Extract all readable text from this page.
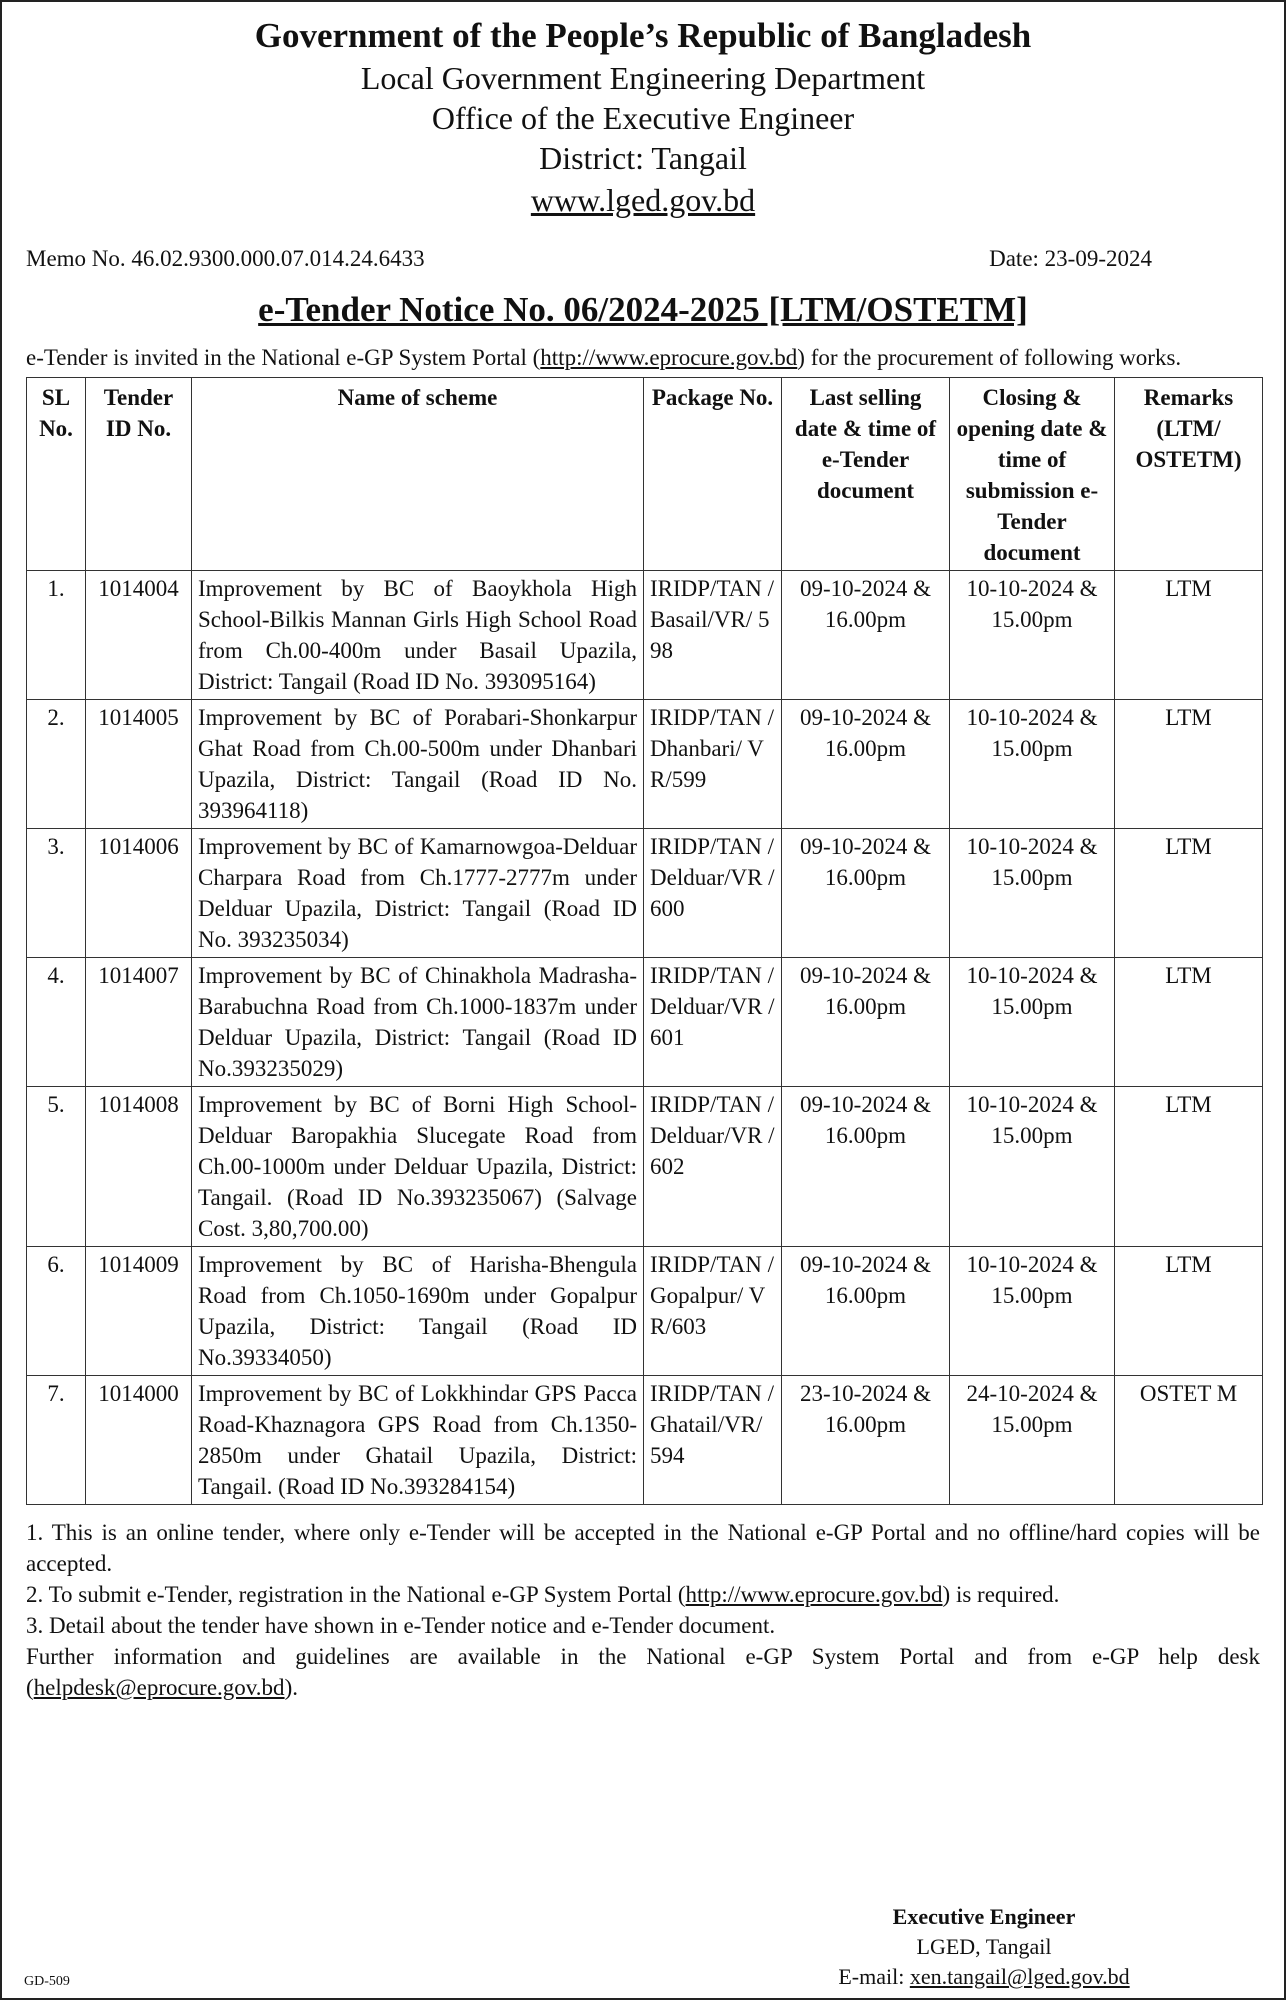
Government of the People’s Republic of Bangladesh
Local Government Engineering Department
Office of the Executive Engineer
District: Tangail
www.lged.gov.bd
Memo No. 46.02.9300.000.07.014.24.6433	Date: 23-09-2024
e-Tender Notice No. 06/2024-2025 [LTM/OSTETM]
e-Tender is invited in the National e-GP System Portal (http://www.eprocure.gov.bd) for the procurement of following works.
SL No.	Tender ID No.	Name of scheme	Package No.	Last selling date & time of e-Tender document	Closing & opening date & time of submission e-Tender document	Remarks (LTM/ OSTETM)
1.	1014004	Improvement by BC of Baoykhola High School-Bilkis Mannan Girls High School Road from Ch.00-400m under Basail Upazila, District: Tangail (Road ID No. 393095164)	IRIDP/TAN /Basail/VR/ 598	09-10-2024 & 16.00pm	10-10-2024 & 15.00pm	LTM
2.	1014005	Improvement by BC of Porabari-Shonkarpur Ghat Road from Ch.00-500m under Dhanbari Upazila, District: Tangail (Road ID No. 393964118)	IRIDP/TAN /Dhanbari/ VR/599	09-10-2024 & 16.00pm	10-10-2024 & 15.00pm	LTM
3.	1014006	Improvement by BC of Kamarnowgoa-Delduar Charpara Road from Ch.1777-2777m under Delduar Upazila, District: Tangail (Road ID No. 393235034)	IRIDP/TAN /Delduar/VR /600	09-10-2024 & 16.00pm	10-10-2024 & 15.00pm	LTM
4.	1014007	Improvement by BC of Chinakhola Madrasha-Barabuchna Road from Ch.1000-1837m under Delduar Upazila, District: Tangail (Road ID No.393235029)	IRIDP/TAN /Delduar/VR /601	09-10-2024 & 16.00pm	10-10-2024 & 15.00pm	LTM
5.	1014008	Improvement by BC of Borni High School-Delduar Baropakhia Slucegate Road from Ch.00-1000m under Delduar Upazila, District: Tangail. (Road ID No.393235067) (Salvage Cost. 3,80,700.00)	IRIDP/TAN /Delduar/VR /602	09-10-2024 & 16.00pm	10-10-2024 & 15.00pm	LTM
6.	1014009	Improvement by BC of Harisha-Bhengula Road from Ch.1050-1690m under Gopalpur Upazila, District: Tangail (Road ID No.39334050)	IRIDP/TAN /Gopalpur/ VR/603	09-10-2024 & 16.00pm	10-10-2024 & 15.00pm	LTM
7.	1014000	Improvement by BC of Lokkhindar GPS Pacca Road-Khaznagora GPS Road from Ch.1350-2850m under Ghatail Upazila, District: Tangail. (Road ID No.393284154)	IRIDP/TAN /Ghatail/VR/ 594	23-10-2024 & 16.00pm	24-10-2024 & 15.00pm	OSTET M

1. This is an online tender, where only e-Tender will be accepted in the National e-GP Portal and no offline/hard copies will be accepted.

2. To submit e-Tender, registration in the National e-GP System Portal (http://www.eprocure.gov.bd) is required.

3. Detail about the tender have shown in e-Tender notice and e-Tender document.

Further information and guidelines are available in the National e-GP System Portal and from e-GP help desk (helpdesk@eprocure.gov.bd).

Executive Engineer
LGED, Tangail
E-mail: xen.tangail@lged.gov.bd
GD-509
